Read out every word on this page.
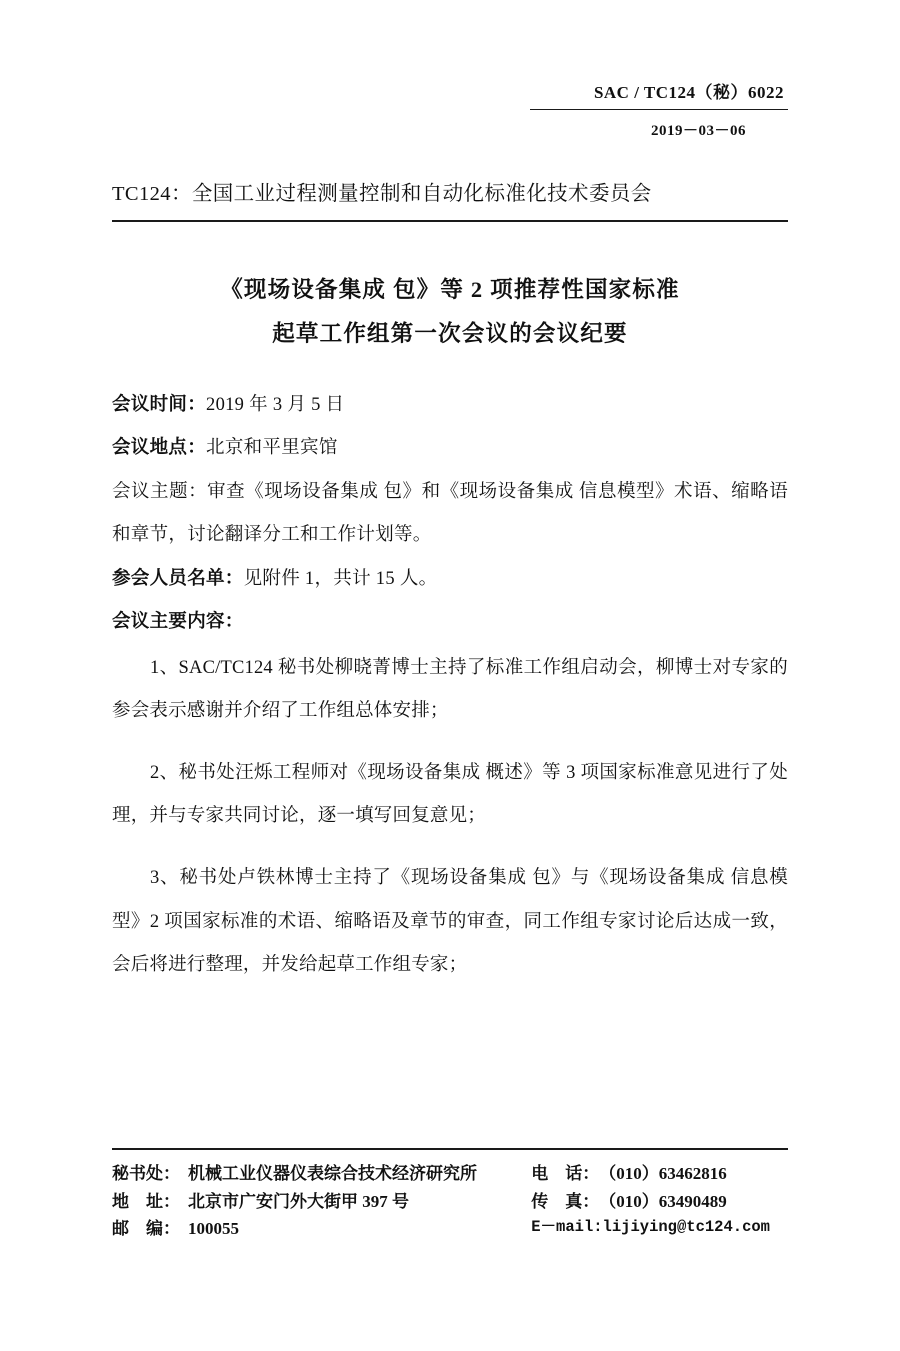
SAC / TC124（秘）6022
2019－03－06
TC124：全国工业过程测量控制和自动化标准化技术委员会
《现场设备集成 包》等 2 项推荐性国家标准
起草工作组第一次会议的会议纪要
会议时间：2019 年 3 月 5 日
会议地点：北京和平里宾馆
会议主题：审查《现场设备集成 包》和《现场设备集成 信息模型》术语、缩略语和章节，讨论翻译分工和工作计划等。
参会人员名单：见附件 1，共计 15 人。
会议主要内容：

1、SAC/TC124 秘书处柳晓菁博士主持了标准工作组启动会，柳博士对专家的参会表示感谢并介绍了工作组总体安排；

2、秘书处汪烁工程师对《现场设备集成 概述》等 3 项国家标准意见进行了处理，并与专家共同讨论，逐一填写回复意见；

3、秘书处卢铁林博士主持了《现场设备集成 包》与《现场设备集成 信息模型》2 项国家标准的术语、缩略语及章节的审查，同工作组专家讨论后达成一致，会后将进行整理，并发给起草工作组专家；

秘书处： 机械工业仪器仪表综合技术经济研究所
地　址： 北京市广安门外大街甲 397 号
邮　编： 100055
电　话：（010）63462816
传　真：（010）63490489
E－mail:lijiying@tc124.com
